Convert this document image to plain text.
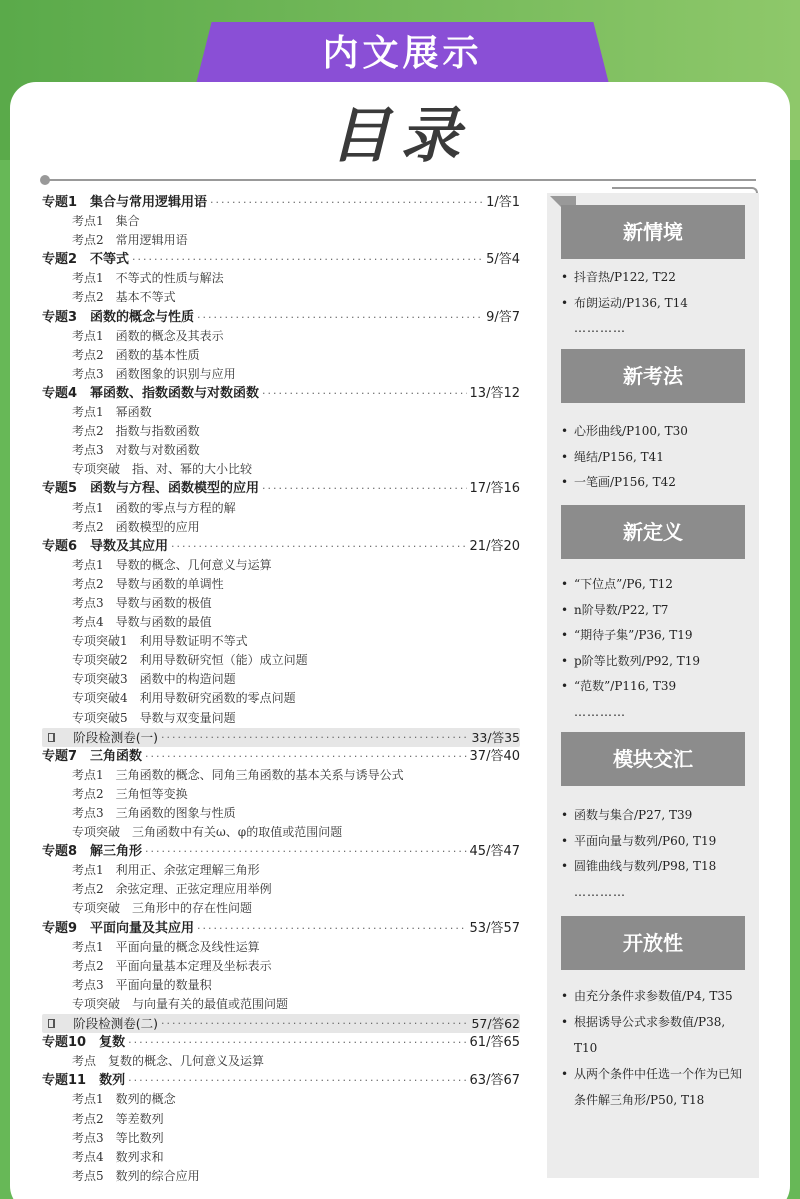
内文展示
目录
专题1　集合与常用逻辑用语 ·····	1/答1
考点1　集合
考点2　常用逻辑用语
专题2　不等式 ·····	5/答4
考点1　不等式的性质与解法
考点2　基本不等式
专题3　函数的概念与性质 ·····	9/答7
考点1　函数的概念及其表示
考点2　函数的基本性质
考点3　函数图象的识别与应用
专题4　幂函数、指数函数与对数函数 ·····	13/答12
考点1　幂函数
考点2　指数与指数函数
考点3　对数与对数函数
专项突破　指、对、幂的大小比较
专题5　函数与方程、函数模型的应用 ·····	17/答16
考点1　函数的零点与方程的解
考点2　函数模型的应用
专题6　导数及其应用 ·····	21/答20
考点1　导数的概念、几何意义与运算
考点2　导数与函数的单调性
考点3　导数与函数的极值
考点4　导数与函数的最值
专项突破1　利用导数证明不等式
专项突破2　利用导数研究恒（能）成立问题
专项突破3　函数中的构造问题
专项突破4　利用导数研究函数的零点问题
专项突破5　导数与双变量问题
阶段检测卷(一) ·····	33/答35
专题7　三角函数 ·····	37/答40
考点1　三角函数的概念、同角三角函数的基本关系与诱导公式
考点2　三角恒等变换
考点3　三角函数的图象与性质
专项突破　三角函数中有关ω、φ的取值或范围问题
专题8　解三角形 ·····	45/答47
考点1　利用正、余弦定理解三角形
考点2　余弦定理、正弦定理应用举例
专项突破　三角形中的存在性问题
专题9　平面向量及其应用 ·····	53/答57
考点1　平面向量的概念及线性运算
考点2　平面向量基本定理及坐标表示
考点3　平面向量的数量积
专项突破　与向量有关的最值或范围问题
阶段检测卷(二) ·····	57/答62
专题10　复数 ·····	61/答65
考点　复数的概念、几何意义及运算
专题11　数列 ·····	63/答67
考点1　数列的概念
考点2　等差数列
考点3　等比数列
考点4　数列求和
考点5　数列的综合应用
新情境
• 抖音热/P122, T22
• 布朗运动/P136, T14
…………
新考法
• 心形曲线/P100, T30
• 绳结/P156, T41
• 一笔画/P156, T42
新定义
• “下位点”/P6, T12
• n阶导数/P22, T7
• “期待子集”/P36, T19
• p阶等比数列/P92, T19
• “范数”/P116, T39
…………
模块交汇
• 函数与集合/P27, T39
• 平面向量与数列/P60, T19
• 圆锥曲线与数列/P98, T18
…………
开放性
• 由充分条件求参数值/P4, T35
• 根据诱导公式求参数值/P38, T10
• 从两个条件中任选一个作为已知条件解三角形/P50, T18
